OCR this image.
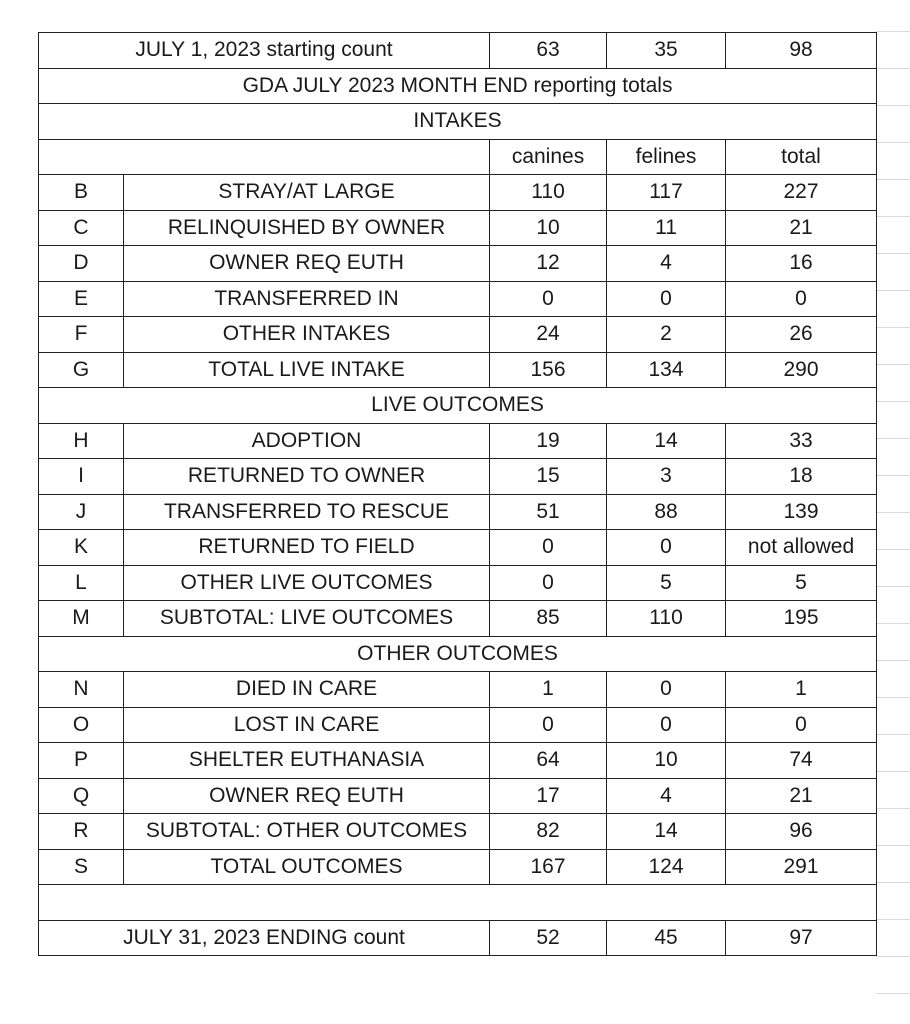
JULY 1, 2023 starting count		63	35	98
GDA JULY 2023 MONTH END reporting totals				
INTAKES				
		canines	felines	total
B	STRAY/AT LARGE	110	117	227
C	RELINQUISHED BY OWNER	10	11	21
D	OWNER REQ EUTH	12	4	16
E	TRANSFERRED IN	0	0	0
F	OTHER INTAKES	24	2	26
G	TOTAL LIVE INTAKE	156	134	290
LIVE OUTCOMES				
H	ADOPTION	19	14	33
I	RETURNED TO OWNER	15	3	18
J	TRANSFERRED TO RESCUE	51	88	139
K	RETURNED TO FIELD	0	0	not allowed
L	OTHER LIVE OUTCOMES	0	5	5
M	SUBTOTAL: LIVE OUTCOMES	85	110	195
OTHER OUTCOMES				
N	DIED IN CARE	1	0	1
O	LOST IN CARE	0	0	0
P	SHELTER EUTHANASIA	64	10	74
Q	OWNER REQ EUTH	17	4	21
R	SUBTOTAL: OTHER OUTCOMES	82	14	96
S	TOTAL OUTCOMES	167	124	291

JULY 31, 2023 ENDING count		52	45	97
